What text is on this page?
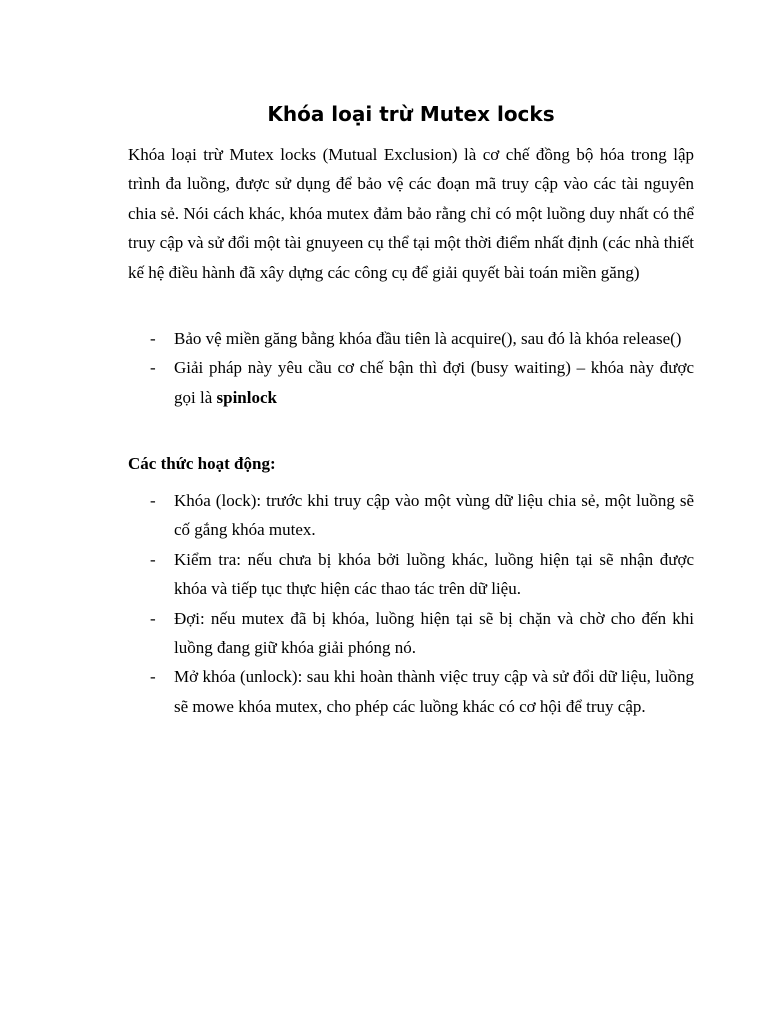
Khóa loại trừ Mutex locks

Khóa loại trừ Mutex locks (Mutual Exclusion) là cơ chế đồng bộ hóa trong lập trình đa luồng, được sử dụng để bảo vệ các đoạn mã truy cập vào các tài nguyên chia sẻ. Nói cách khác, khóa mutex đảm bảo rằng chỉ có một luồng duy nhất có thể truy cập và sử đổi một tài gnuyeen cụ thể tại một thời điểm nhất định (các nhà thiết kế hệ điều hành đã xây dựng các công cụ để giải quyết bài toán miền găng)

- Bảo vệ miền găng bằng khóa đầu tiên là acquire(), sau đó là khóa release()
- Giải pháp này yêu cầu cơ chế bận thì đợi (busy waiting) – khóa này được gọi là spinlock

Các thức hoạt động:

- Khóa (lock): trước khi truy cập vào một vùng dữ liệu chia sẻ, một luồng sẽ cố gắng khóa mutex.
- Kiểm tra: nếu chưa bị khóa bởi luồng khác, luồng hiện tại sẽ nhận được khóa và tiếp tục thực hiện các thao tác trên dữ liệu.
- Đợi: nếu mutex đã bị khóa, luồng hiện tại sẽ bị chặn và chờ cho đến khi luồng đang giữ khóa giải phóng nó.
- Mở khóa (unlock): sau khi hoàn thành việc truy cập và sử đổi dữ liệu, luồng sẽ mowe khóa mutex, cho phép các luồng khác có cơ hội để truy cập.
